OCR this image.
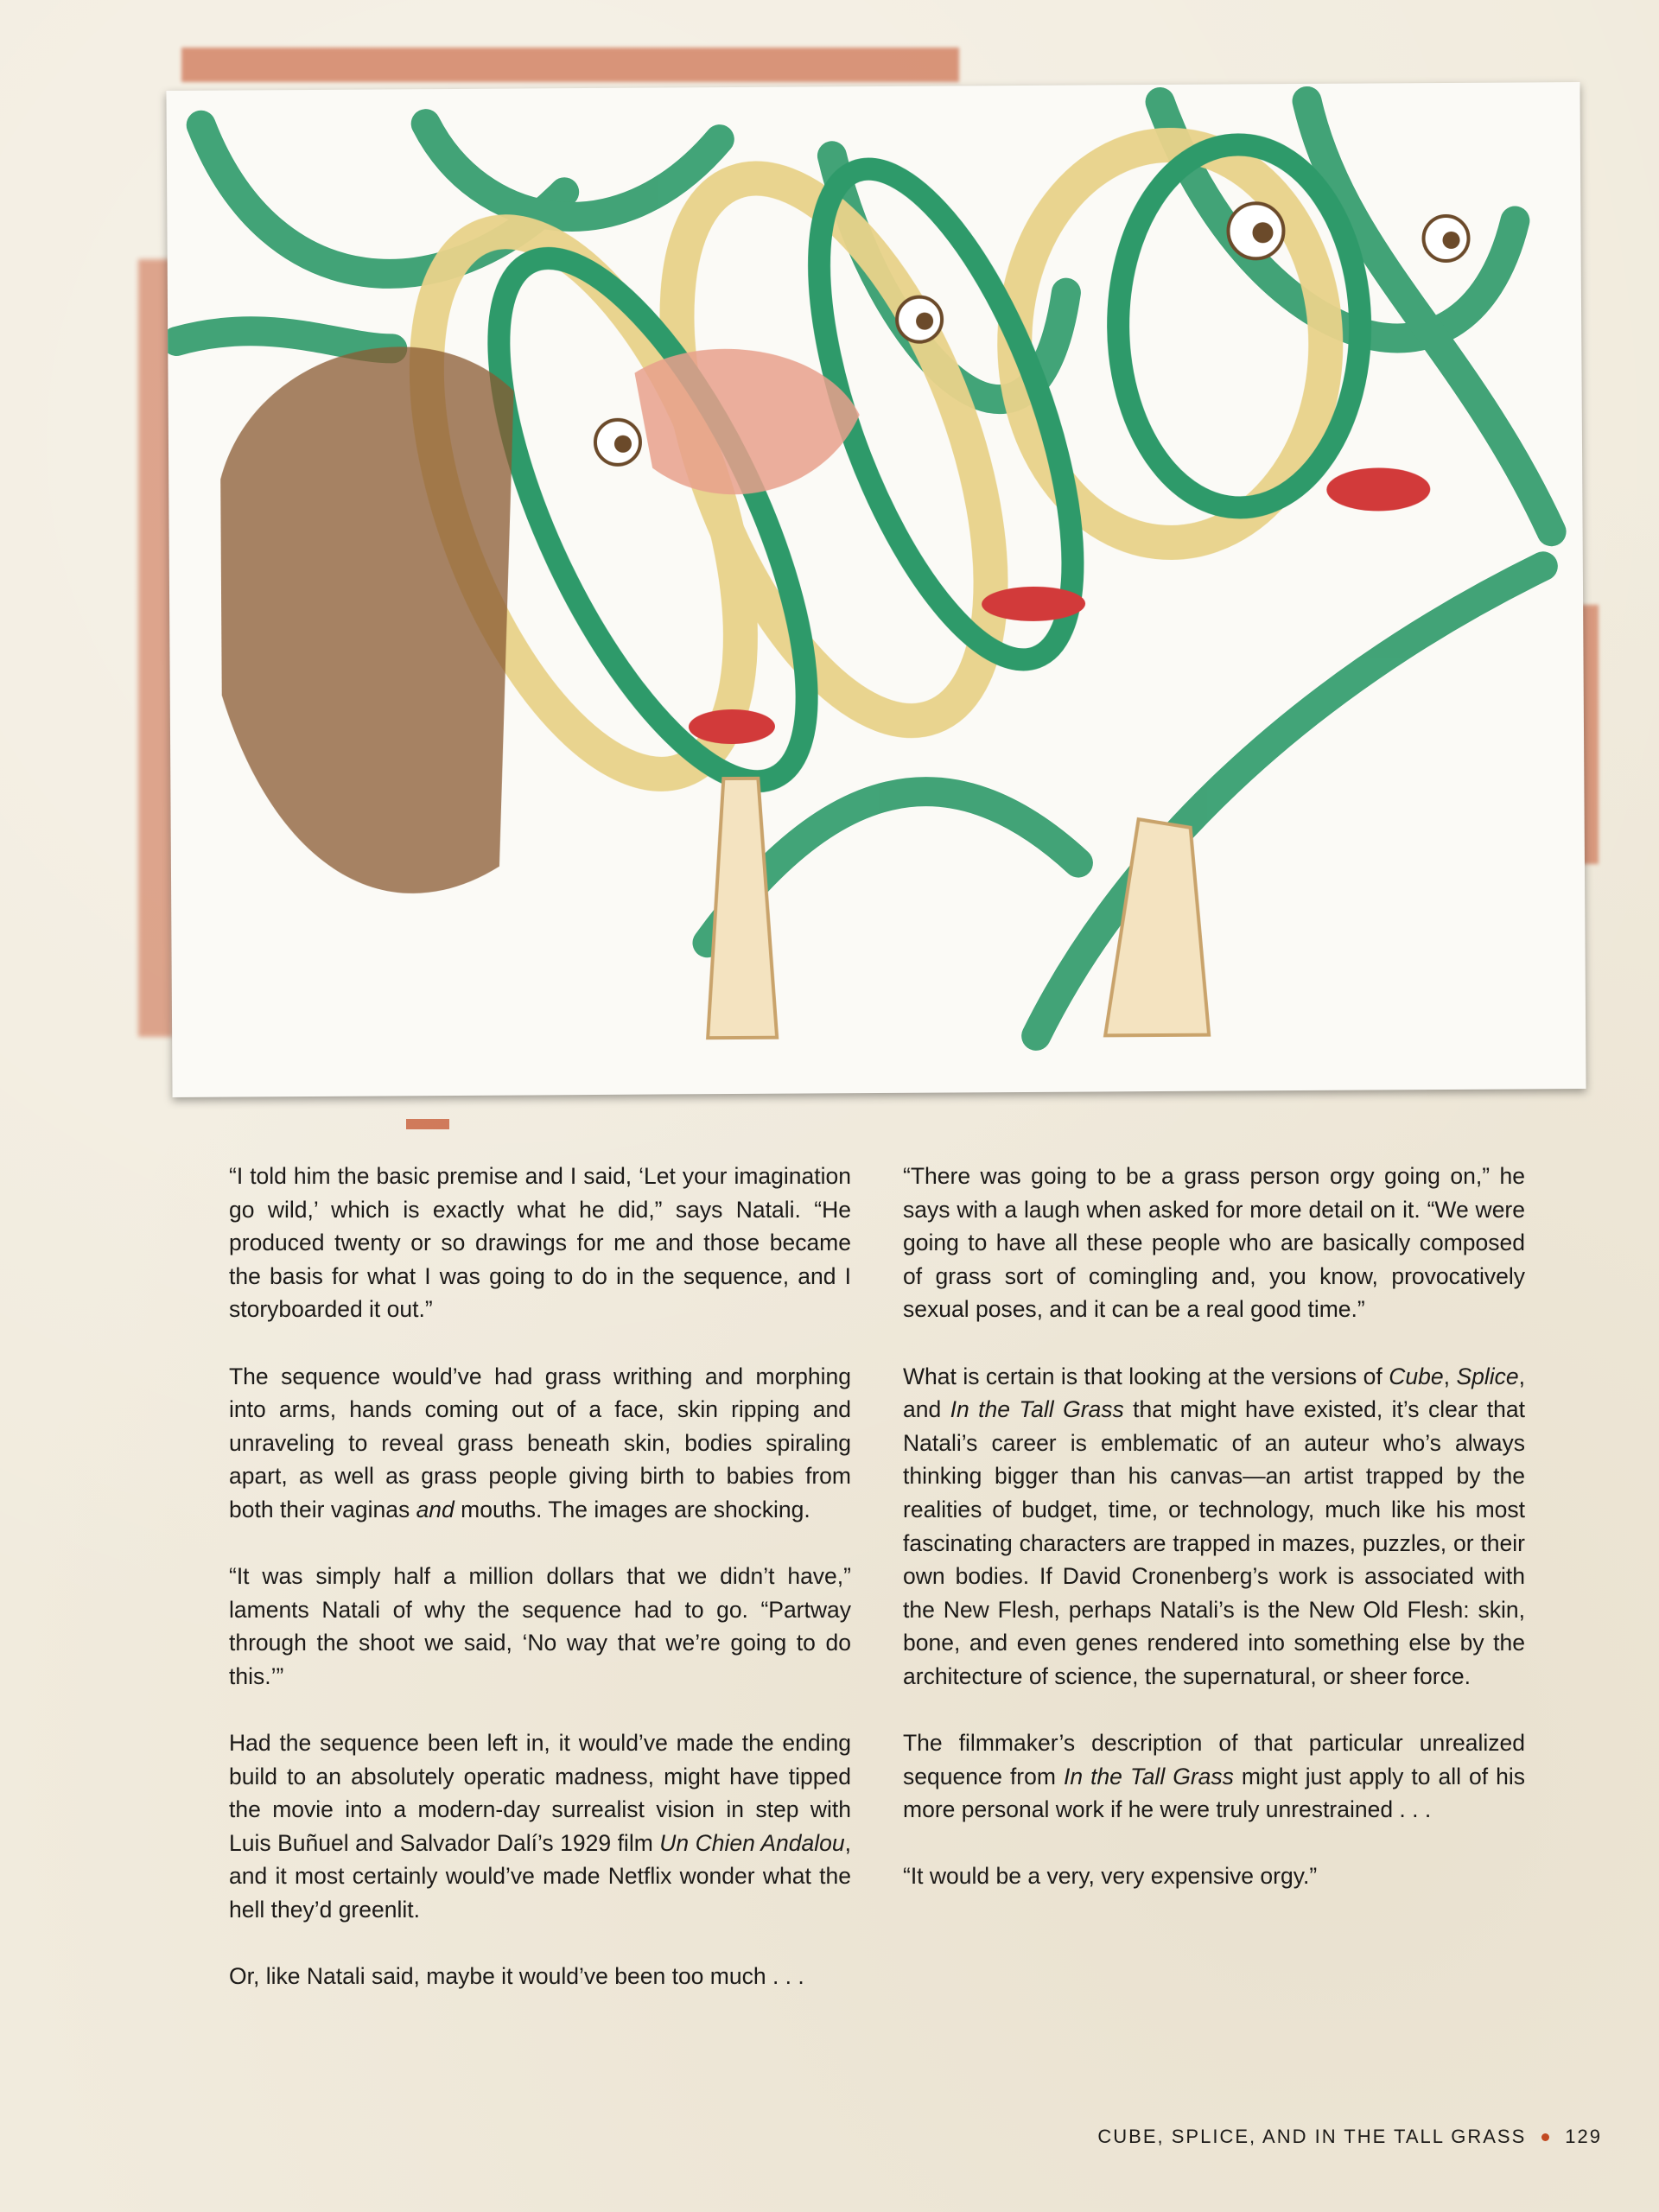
“I told him the basic premise and I said, ‘Let your imagination go wild,’ which is exactly what he did,” says Natali. “He produced twenty or so drawings for me and those became the basis for what I was going to do in the sequence, and I storyboarded it out.”

The sequence would’ve had grass writhing and morphing into arms, hands coming out of a face, skin ripping and unraveling to reveal grass beneath skin, bodies spiraling apart, as well as grass people giving birth to babies from both their vaginas and mouths. The images are shocking.

“It was simply half a million dollars that we didn’t have,” laments Natali of why the sequence had to go. “Partway through the shoot we said, ‘No way that we’re going to do this.’”

Had the sequence been left in, it would’ve made the ending build to an absolutely operatic madness, might have tipped the movie into a modern-day surrealist vision in step with Luis Buñuel and Salvador Dalí’s 1929 film Un Chien Andalou, and it most certainly would’ve made Netflix wonder what the hell they’d greenlit.

Or, like Natali said, maybe it would’ve been too much . . .

“There was going to be a grass person orgy going on,” he says with a laugh when asked for more detail on it. “We were going to have all these people who are basically composed of grass sort of comingling and, you know, provocatively sexual poses, and it can be a real good time.”

What is certain is that looking at the versions of Cube, Splice, and In the Tall Grass that might have existed, it’s clear that Natali’s career is emblematic of an auteur who’s always thinking bigger than his canvas—an artist trapped by the realities of budget, time, or technology, much like his most fascinating characters are trapped in mazes, puzzles, or their own bodies. If David Cronenberg’s work is associated with the New Flesh, perhaps Natali’s is the New Old Flesh: skin, bone, and even genes rendered into something else by the architecture of science, the supernatural, or sheer force.

The filmmaker’s description of that particular unrealized sequence from In the Tall Grass might just apply to all of his more personal work if he were truly unrestrained . . .

“It would be a very, very expensive orgy.”

CUBE, SPLICE, AND IN THE TALL GRASS 129
